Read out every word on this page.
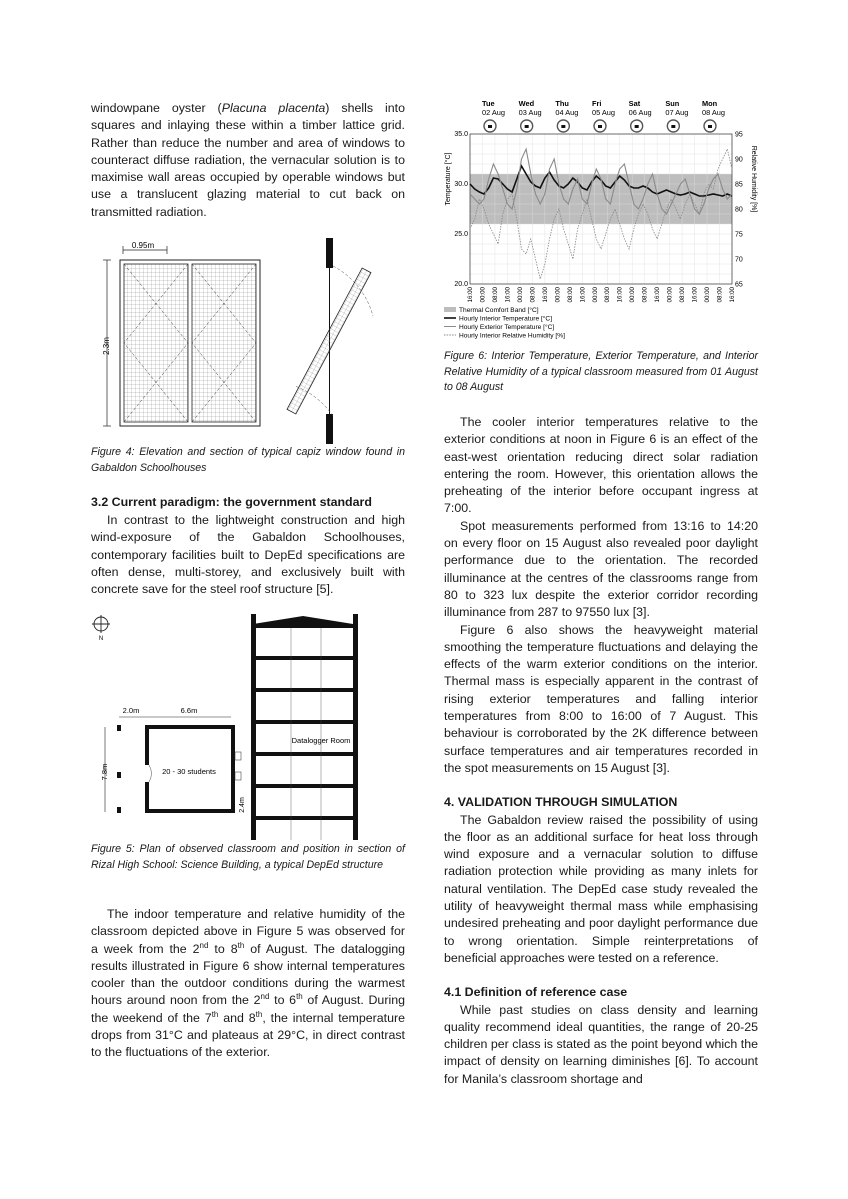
windowpane oyster (Placuna placenta) shells into squares and inlaying these within a timber lattice grid. Rather than reduce the number and area of windows to counteract diffuse radiation, the vernacular solution is to maximise wall areas occupied by operable windows but use a translucent glazing material to cut back on transmitted radiation.

0.95m
2.3m
Figure 4: Elevation and section of typical capiz window found in Gabaldon Schoolhouses
3.2 Current paradigm: the government standard

In contrast to the lightweight construction and high wind-exposure of the Gabaldon Schoolhouses, contemporary facilities built to DepEd specifications are often dense, multi-storey, and exclusively built with concrete save for the steel roof structure [5].

N
2.0m	6.6m
7.8m	20 - 30 students
2.4m
Datalogger Room
Figure 5: Plan of observed classroom and position in section of Rizal High School: Science Building, a typical DepEd structure

The indoor temperature and relative humidity of the classroom depicted above in Figure 5 was observed for a week from the 2nd to 8th of August. The datalogging results illustrated in Figure 6 show internal temperatures cooler than the outdoor conditions during the warmest hours around noon from the 2nd to 6th of August. During the weekend of the 7th and 8th, the internal temperature drops from 31°C and plateaus at 29°C, in direct contrast to the fluctuations of the exterior.

16:00 00:00 08:00 16:00 00:00 08:00 16:00 00:00 08:00 16:00 00:00 08:00 16:00 00:00 08:00 16:00 00:00 08:00 16:00 00:00 08:00 16:00
35.0
30.0
25.0
20.0
95
90
85
80
75
70
65
Temperature [°C]	Relative Humidity [%]
Tue
02 Aug
Wed
03 Aug
Thu
04 Aug
Fri
05 Aug
Sat
06 Aug
Sun
07 Aug
Mon
08 Aug
Thermal Comfort Band [°C]
Hourly Interior Temperature [°C]
Hourly Exterior Temperature [°C]
Hourly Interior Relative Humidity [%]
Figure 6: Interior Temperature, Exterior Temperature, and Interior Relative Humidity of a typical classroom measured from 01 August to 08 August

The cooler interior temperatures relative to the exterior conditions at noon in Figure 6 is an effect of the east-west orientation reducing direct solar radiation entering the room. However, this orientation allows the preheating of the interior before occupant ingress at 7:00.

Spot measurements performed from 13:16 to 14:20 on every floor on 15 August also revealed poor daylight performance due to the orientation. The recorded illuminance at the centres of the classrooms range from 80 to 323 lux despite the exterior corridor recording illuminance from 287 to 97550 lux [3].

Figure 6 also shows the heavyweight material smoothing the temperature fluctuations and delaying the effects of the warm exterior conditions on the interior. Thermal mass is especially apparent in the contrast of rising exterior temperatures and falling interior temperatures from 8:00 to 16:00 of 7 August. This behaviour is corroborated by the 2K difference between surface temperatures and air temperatures recorded in the spot measurements on 15 August [3].

4. VALIDATION THROUGH SIMULATION

The Gabaldon review raised the possibility of using the floor as an additional surface for heat loss through wind exposure and a vernacular solution to diffuse radiation protection while providing as many inlets for natural ventilation. The DepEd case study revealed the utility of heavyweight thermal mass while emphasising undesired preheating and poor daylight performance due to wrong orientation. Simple reinterpretations of beneficial approaches were tested on a reference.

4.1 Definition of reference case

While past studies on class density and learning quality recommend ideal quantities, the range of 20-25 children per class is stated as the point beyond which the impact of density on learning diminishes [6]. To account for Manila’s classroom shortage and
